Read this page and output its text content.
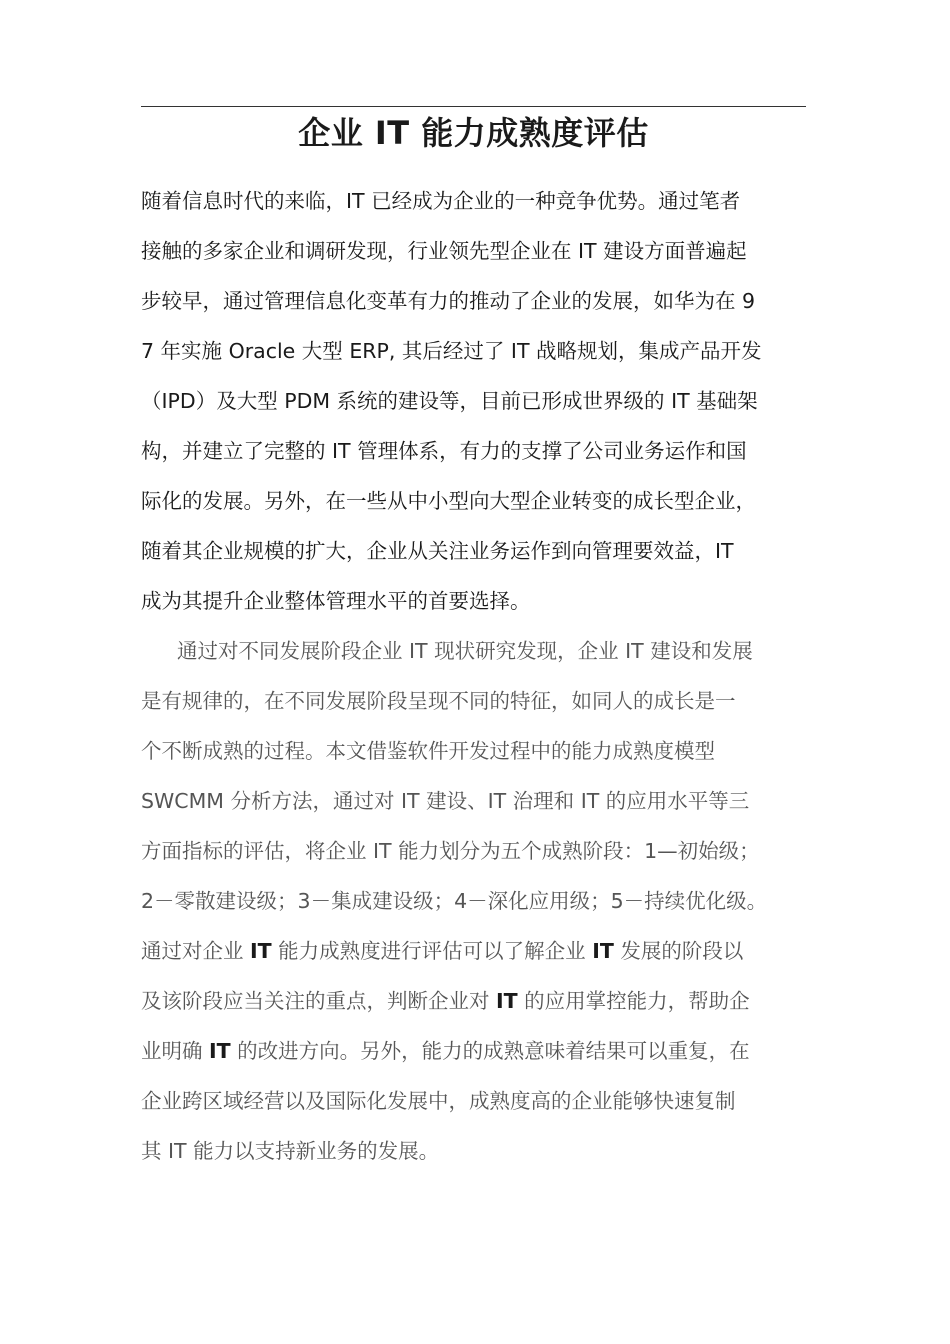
企业 IT 能力成熟度评估
随着信息时代的来临，IT 已经成为企业的一种竞争优势。通过笔者
接触的多家企业和调研发现，行业领先型企业在 IT 建设方面普遍起
步较早，通过管理信息化变革有力的推动了企业的发展，如华为在 9
7 年实施 Oracle 大型 ERP, 其后经过了 IT 战略规划，集成产品开发
（IPD）及大型 PDM 系统的建设等，目前已形成世界级的 IT 基础架
构，并建立了完整的 IT 管理体系，有力的支撑了公司业务运作和国
际化的发展。另外，在一些从中小型向大型企业转变的成长型企业，
随着其企业规模的扩大，企业从关注业务运作到向管理要效益，IT
成为其提升企业整体管理水平的首要选择。
通过对不同发展阶段企业 IT 现状研究发现，企业 IT 建设和发展
是有规律的，在不同发展阶段呈现不同的特征，如同人的成长是一
个不断成熟的过程。本文借鉴软件开发过程中的能力成熟度模型
SWCMM 分析方法，通过对 IT 建设、IT 治理和 IT 的应用水平等三
方面指标的评估，将企业 IT 能力划分为五个成熟阶段：1—初始级；
2－零散建设级；3－集成建设级；4－深化应用级；5－持续优化级。
通过对企业 IT 能力成熟度进行评估可以了解企业 IT 发展的阶段以
及该阶段应当关注的重点，判断企业对 IT 的应用掌控能力，帮助企
业明确 IT 的改进方向。另外，能力的成熟意味着结果可以重复，在
企业跨区域经营以及国际化发展中，成熟度高的企业能够快速复制
其 IT 能力以支持新业务的发展。
